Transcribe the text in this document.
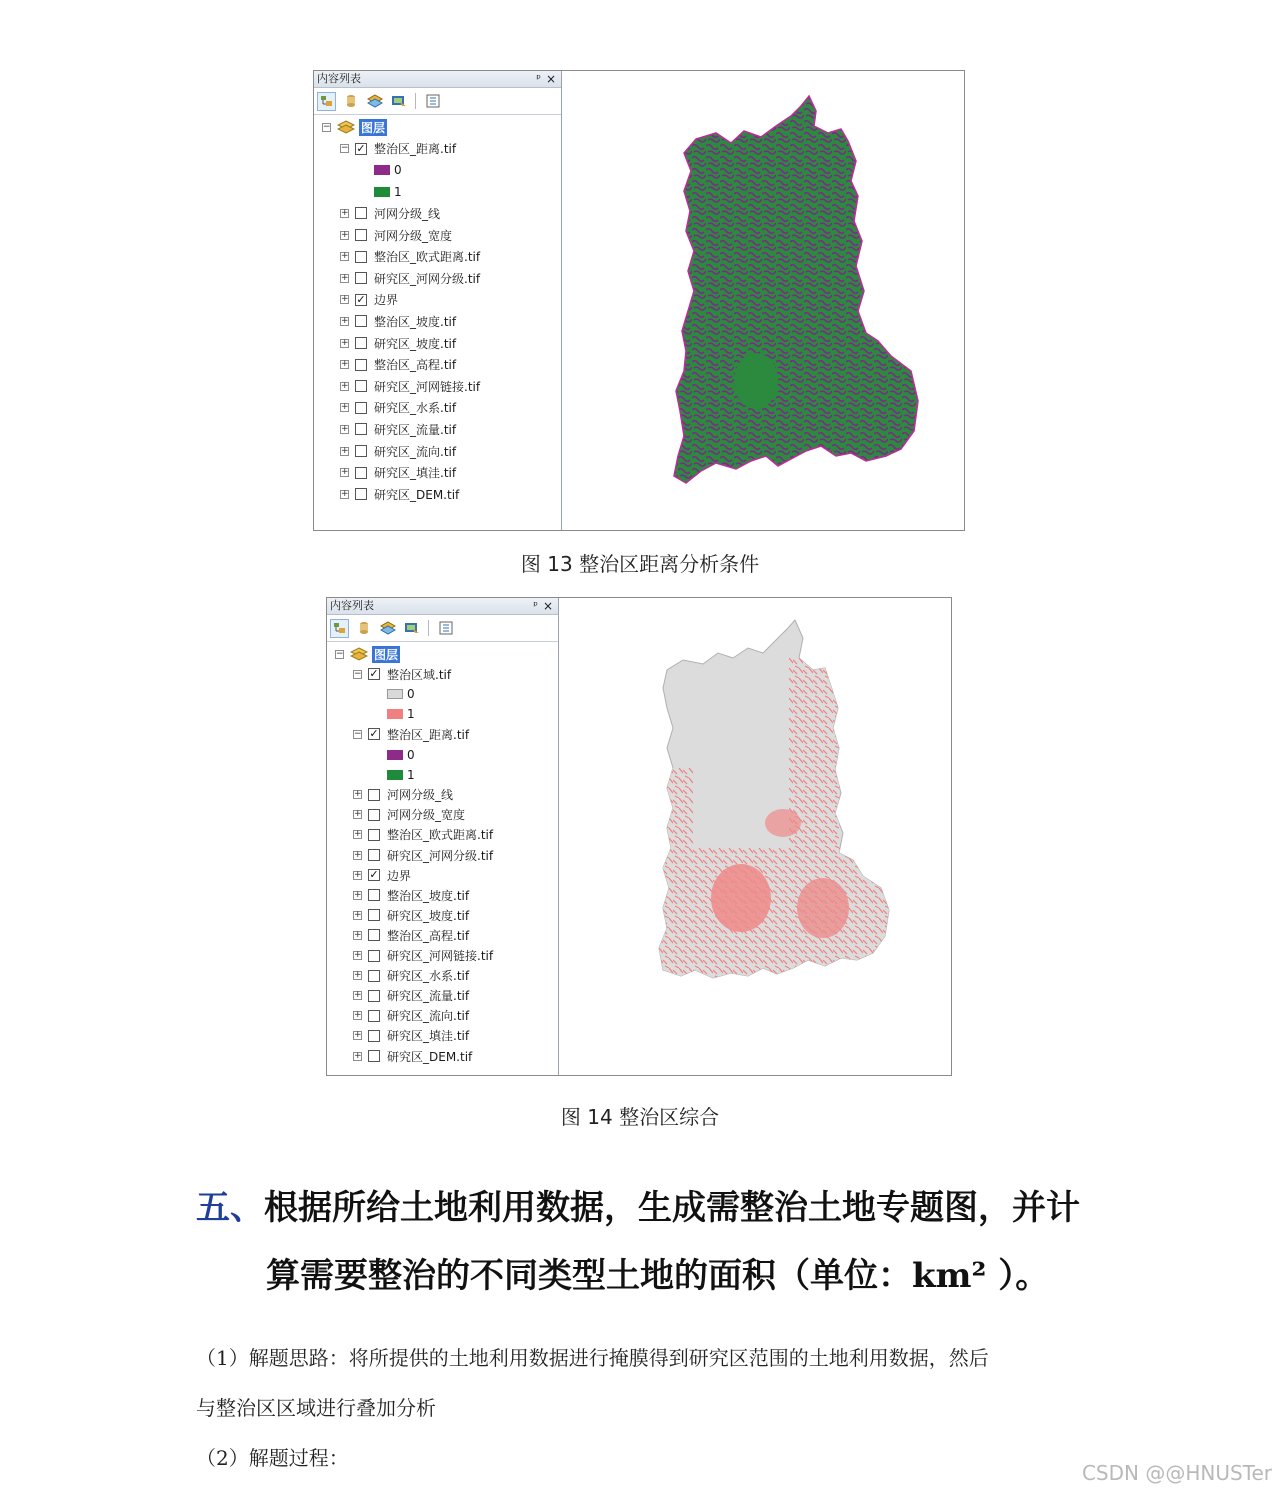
内容列表	ᵖ ×
−	图层
− ✓ 整治区_距离.tif
0
1
+ 河网分级_线
+ 河网分级_宽度
+ 整治区_欧式距离.tif
+ 研究区_河网分级.tif
+ ✓ 边界
+ 整治区_坡度.tif
+ 研究区_坡度.tif
+ 整治区_高程.tif
+ 研究区_河网链接.tif
+ 研究区_水系.tif
+ 研究区_流量.tif
+ 研究区_流向.tif
+ 研究区_填洼.tif
+ 研究区_DEM.tif
图 13 整治区距离分析条件
内容列表	ᵖ ×
−	图层
− ✓ 整治区域.tif
0
1
− ✓ 整治区_距离.tif
0
1
+ 河网分级_线
+ 河网分级_宽度
+ 整治区_欧式距离.tif
+ 研究区_河网分级.tif
+ ✓ 边界
+ 整治区_坡度.tif
+ 研究区_坡度.tif
+ 整治区_高程.tif
+ 研究区_河网链接.tif
+ 研究区_水系.tif
+ 研究区_流量.tif
+ 研究区_流向.tif
+ 研究区_填洼.tif
+ 研究区_DEM.tif
图 14 整治区综合
五、根据所给土地利用数据，生成需整治土地专题图，并计
算需要整治的不同类型土地的面积（单位：km² ）。
（1）解题思路：将所提供的土地利用数据进行掩膜得到研究区范围的土地利用数据，然后
与整治区区域进行叠加分析
（2）解题过程：
CSDN @@HNUSTer
